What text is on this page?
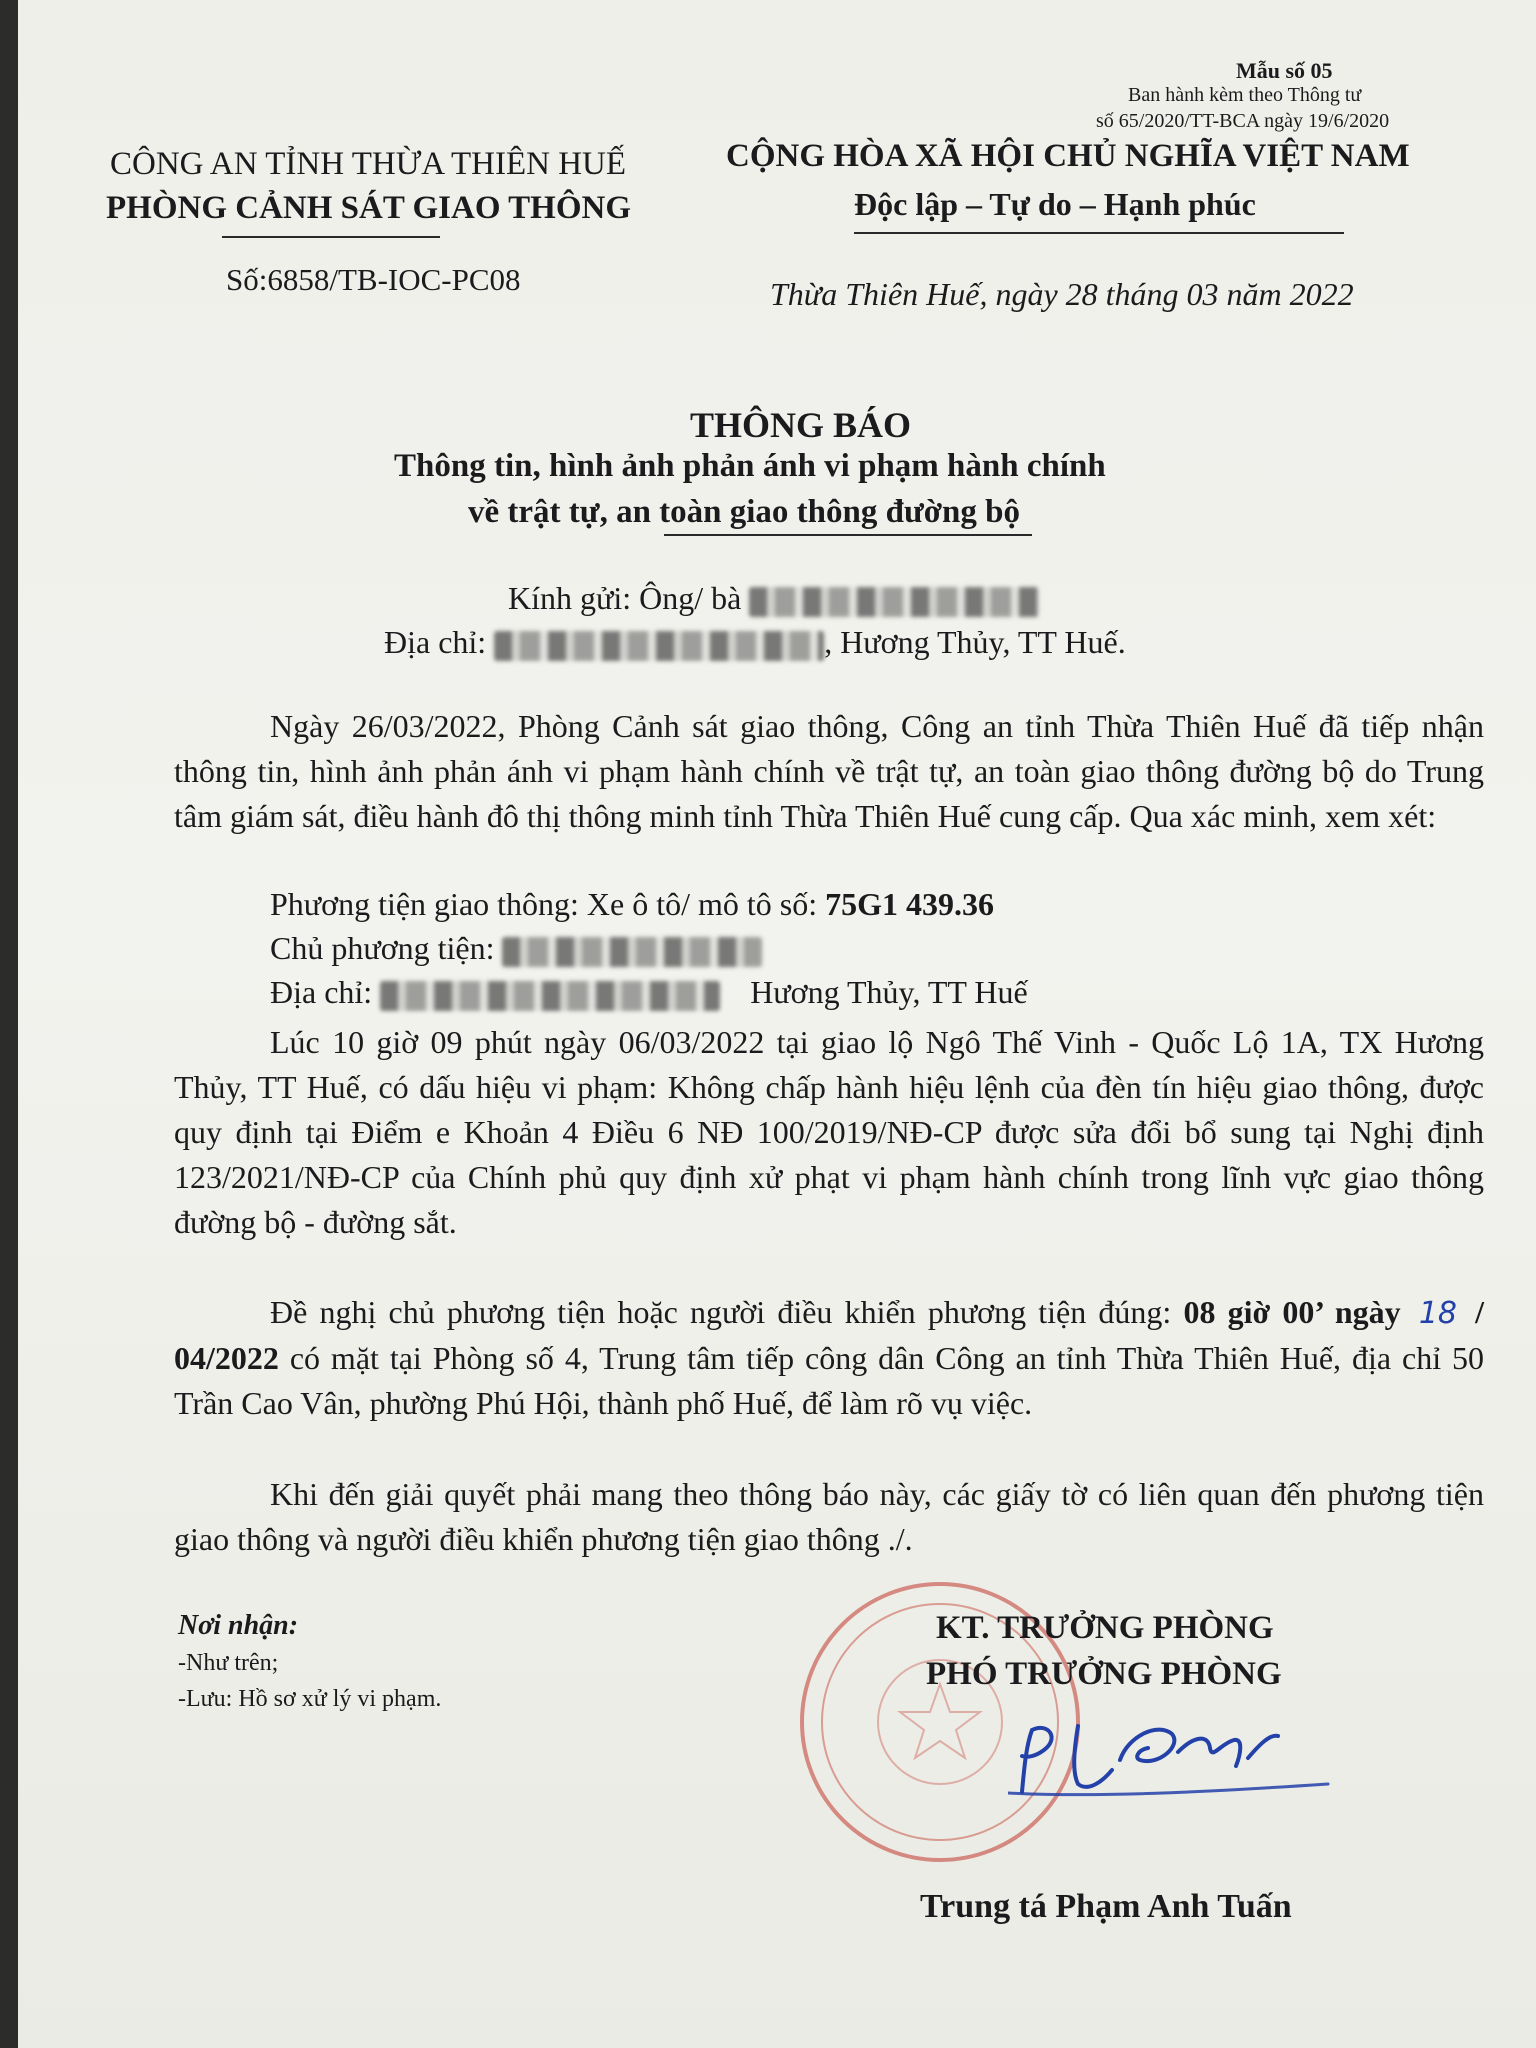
Mẫu số 05
Ban hành kèm theo Thông tư
số 65/2020/TT-BCA ngày 19/6/2020
CÔNG AN TỈNH THỪA THIÊN HUẾ
PHÒNG CẢNH SÁT GIAO THÔNG
Số:6858/TB-IOC-PC08
CỘNG HÒA XÃ HỘI CHỦ NGHĨA VIỆT NAM
Độc lập – Tự do – Hạnh phúc
Thừa Thiên Huế, ngày 28 tháng 03 năm 2022
THÔNG BÁO
Thông tin, hình ảnh phản ánh vi phạm hành chính
về trật tự, an toàn giao thông đường bộ
Kính gửi: Ông/ bà
Địa chỉ:	, Hương Thủy, TT Huế.
Ngày 26/03/2022, Phòng Cảnh sát giao thông, Công an tỉnh Thừa Thiên Huế đã tiếp nhận thông tin, hình ảnh phản ánh vi phạm hành chính về trật tự, an toàn giao thông đường bộ do Trung tâm giám sát, điều hành đô thị thông minh tỉnh Thừa Thiên Huế cung cấp. Qua xác minh, xem xét:
Phương tiện giao thông: Xe ô tô/ mô tô số: 75G1 439.36
Chủ phương tiện:
Địa chỉ:	Hương Thủy, TT Huế
Lúc 10 giờ 09 phút ngày 06/03/2022 tại giao lộ Ngô Thế Vinh - Quốc Lộ 1A, TX Hương Thủy, TT Huế, có dấu hiệu vi phạm: Không chấp hành hiệu lệnh của đèn tín hiệu giao thông, được quy định tại Điểm e Khoản 4 Điều 6 NĐ 100/2019/NĐ-CP được sửa đổi bổ sung tại Nghị định 123/2021/NĐ-CP của Chính phủ quy định xử phạt vi phạm hành chính trong lĩnh vực giao thông đường bộ - đường sắt.
Đề nghị chủ phương tiện hoặc người điều khiển phương tiện đúng: 08 giờ 00’ ngày 18 / 04/2022 có mặt tại Phòng số 4, Trung tâm tiếp công dân Công an tỉnh Thừa Thiên Huế, địa chỉ 50 Trần Cao Vân, phường Phú Hội, thành phố Huế, để làm rõ vụ việc.
Khi đến giải quyết phải mang theo thông báo này, các giấy tờ có liên quan đến phương tiện giao thông và người điều khiển phương tiện giao thông ./.
Nơi nhận:
-Như trên;
-Lưu: Hồ sơ xử lý vi phạm.
KT. TRƯỞNG PHÒNG
PHÓ TRƯỞNG PHÒNG
Trung tá Phạm Anh Tuấn
